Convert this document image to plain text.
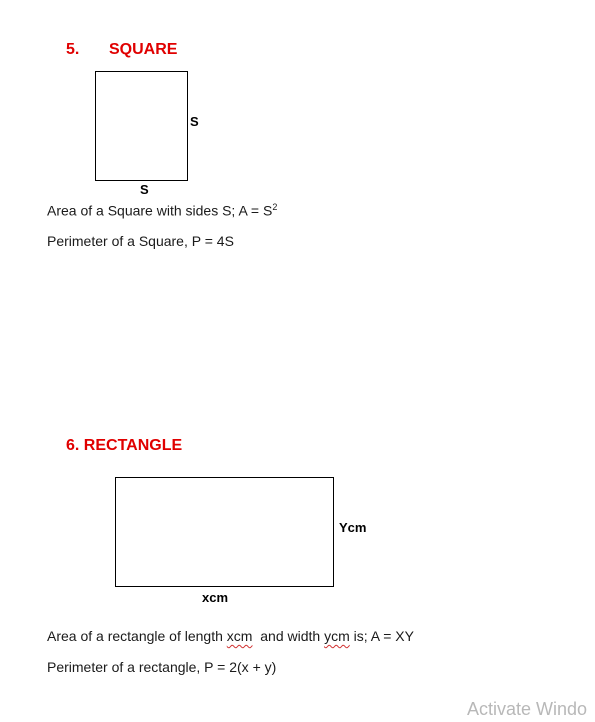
5. SQUARE
S
S
Area of a Square with sides S; $A = S^2$
Perimeter of a Square, P = 4S
6. RECTANGLE
Ycm
xcm
Area of a rectangle of length xcm  and width ycm is; A = XY
Perimeter of a rectangle, P = 2(x + y)
Activate Windo
